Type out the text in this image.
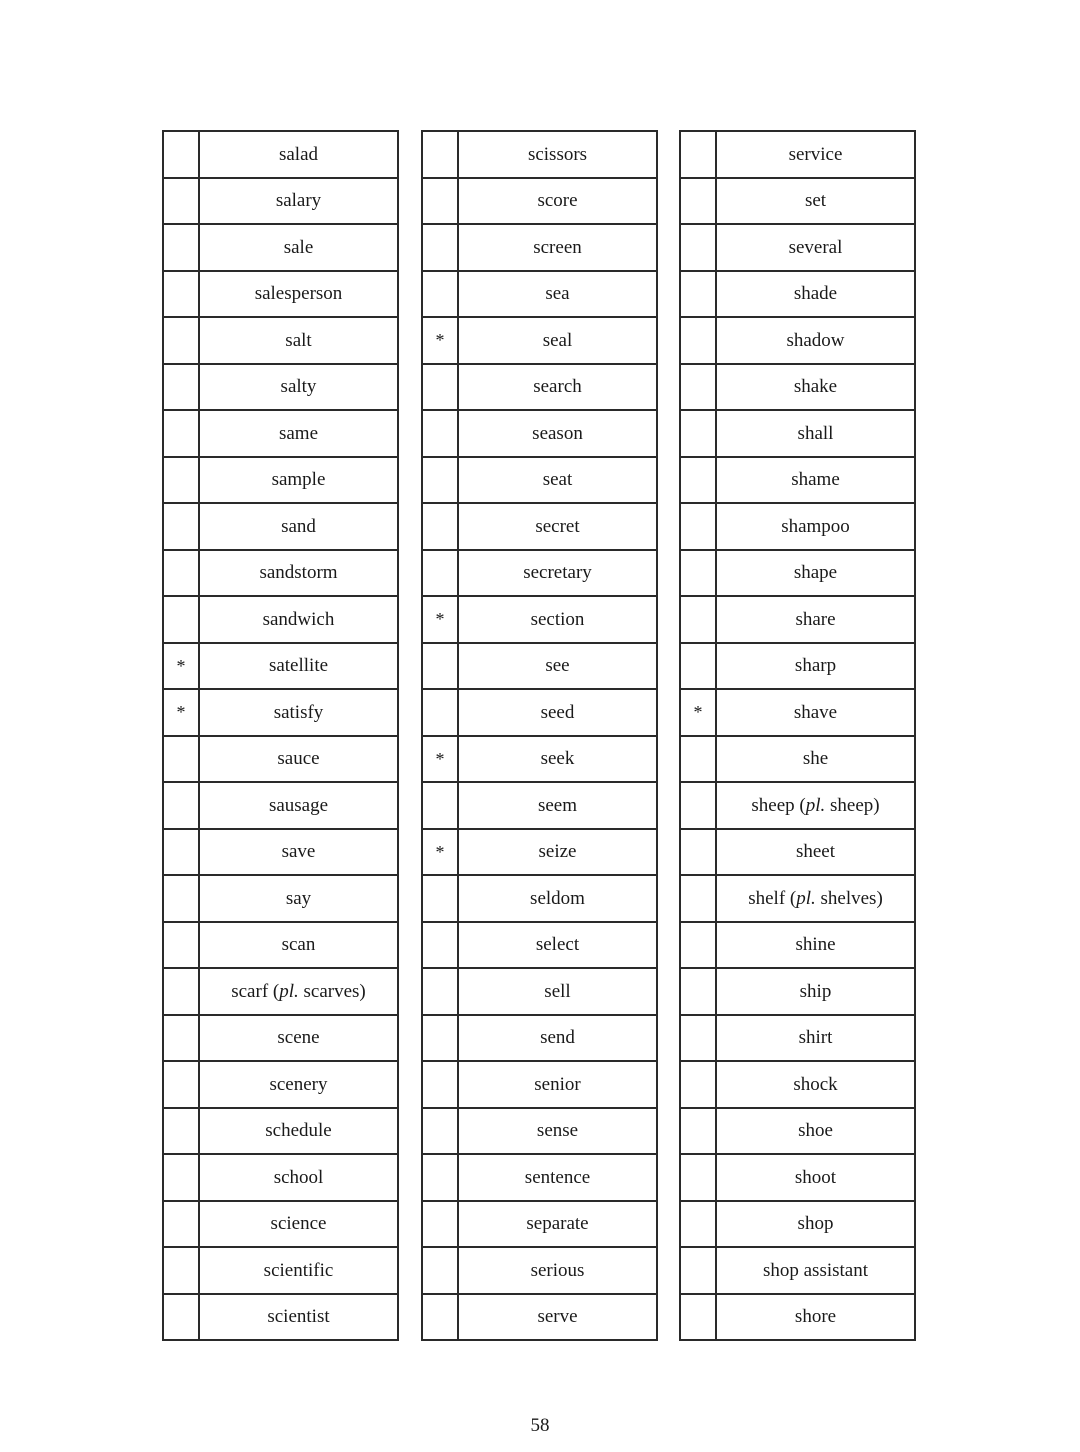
	salad
	salary
	sale
	salesperson
	salt
	salty
	same
	sample
	sand
	sandstorm
	sandwich
*	satellite
*	satisfy
	sauce
	sausage
	save
	say
	scan
	scarf (pl. scarves)
	scene
	scenery
	schedule
	school
	science
	scientific
	scientist
	scissors
	score
	screen
	sea
*	seal
	search
	season
	seat
	secret
	secretary
*	section
	see
	seed
*	seek
	seem
*	seize
	seldom
	select
	sell
	send
	senior
	sense
	sentence
	separate
	serious
	serve
	service
	set
	several
	shade
	shadow
	shake
	shall
	shame
	shampoo
	shape
	share
	sharp
*	shave
	she
	sheep (pl. sheep)
	sheet
	shelf (pl. shelves)
	shine
	ship
	shirt
	shock
	shoe
	shoot
	shop
	shop assistant
	shore
58
